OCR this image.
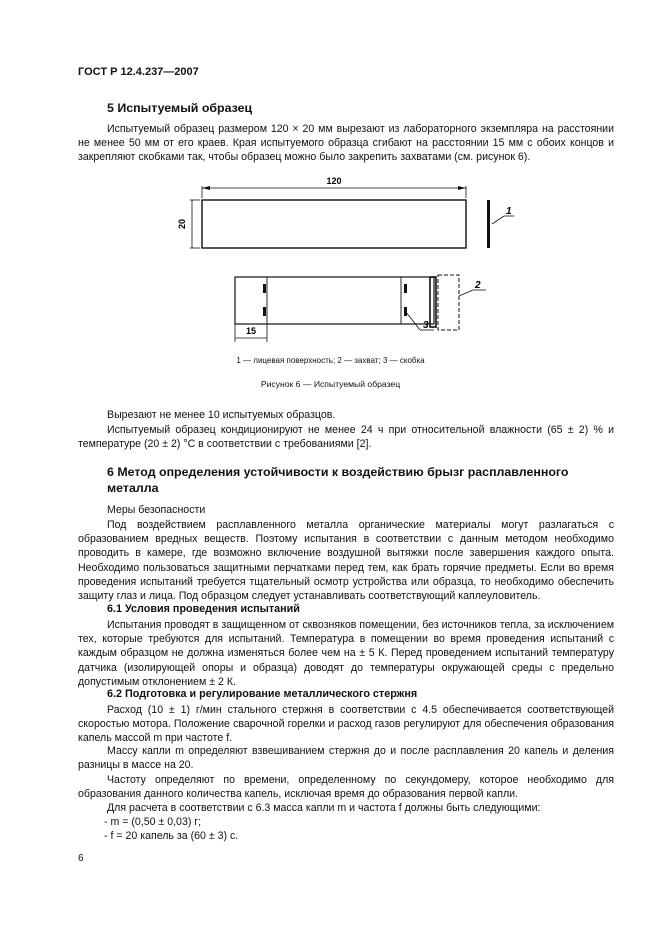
ГОСТ Р 12.4.237—2007
5 Испытуемый образец
Испытуемый образец размером 120 × 20 мм вырезают из лабораторного экземпляра на расстоянии не менее 50 мм от его краев. Края испытуемого образца сгибают на расстоянии 15 мм с обоих концов и закрепляют скобками так, чтобы образец можно было закрепить захватами (см. рисунок 6).
120
20
1
2
3
15
1 — лицевая поверхность; 2 — захват; 3 — скобка
Рисунок 6 — Испытуемый образец
Вырезают не менее 10 испытуемых образцов.
Испытуемый образец кондиционируют не менее 24 ч при относительной влажности (65 ± 2) % и температуре (20 ± 2) °С в соответствии с требованиями [2].
6 Метод определения устойчивости к воздействию брызг расплавленного
металла
Меры безопасности
Под воздействием расплавленного металла органические материалы могут разлагаться с образованием вредных веществ. Поэтому испытания в соответствии с данным методом необходимо проводить в камере, где возможно включение воздушной вытяжки после завершения каждого опыта. Необходимо пользоваться защитными перчатками перед тем, как брать горячие предметы. Если во время проведения испытаний требуется тщательный осмотр устройства или образца, то необходимо обеспечить защиту глаз и лица. Под образцом следует устанавливать соответствующий каплеуловитель.
6.1 Условия проведения испытаний
Испытания проводят в защищенном от сквозняков помещении, без источников тепла, за исключением тех, которые требуются для испытаний. Температура в помещении во время проведения испытаний с каждым образцом не должна изменяться более чем на ± 5 К. Перед проведением испытаний температуру датчика (изолирующей опоры и образца) доводят до температуры окружающей среды с предельно допустимым отклонением ± 2 К.
6.2 Подготовка и регулирование металлического стержня
Расход (10 ± 1) г/мин стального стержня в соответствии с 4.5 обеспечивается соответствующей скоростью мотора. Положение сварочной горелки и расход газов регулируют для обеспечения образования капель массой m при частоте f.
Массу капли m определяют взвешиванием стержня до и после расплавления 20 капель и деления разницы в массе на 20.
Частоту определяют по времени, определенному по секундомеру, которое необходимо для образования данного количества капель, исключая время до образования первой капли.
Для расчета в соответствии с 6.3 масса капли m и частота f должны быть следующими:
- m = (0,50 ± 0,03) г;
- f = 20 капель за (60 ± 3) с.
6
